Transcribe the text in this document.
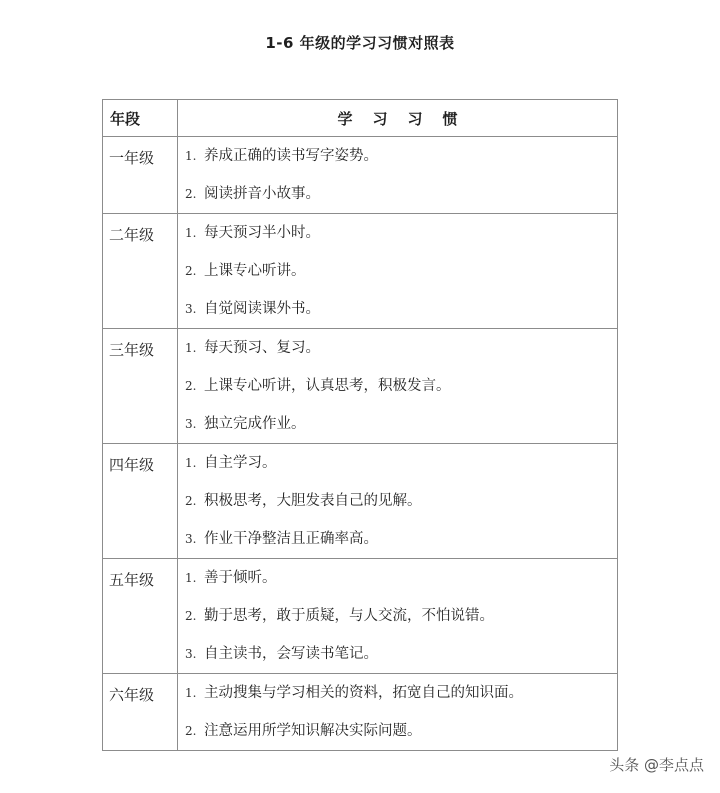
1-6 年级的学习习惯对照表
年段	学习习惯
一年级	1. 养成正确的读书写字姿势。
2. 阅读拼音小故事。

二年级	1. 每天预习半小时。
2. 上课专心听讲。
3. 自觉阅读课外书。

三年级	1. 每天预习、复习。
2. 上课专心听讲，认真思考，积极发言。
3. 独立完成作业。

四年级	1. 自主学习。
2. 积极思考，大胆发表自己的见解。
3. 作业干净整洁且正确率高。

五年级	1. 善于倾听。
2. 勤于思考，敢于质疑，与人交流，不怕说错。
3. 自主读书，会写读书笔记。

六年级	1. 主动搜集与学习相关的资料，拓宽自己的知识面。
2. 注意运用所学知识解决实际问题。
头条 @李点点
